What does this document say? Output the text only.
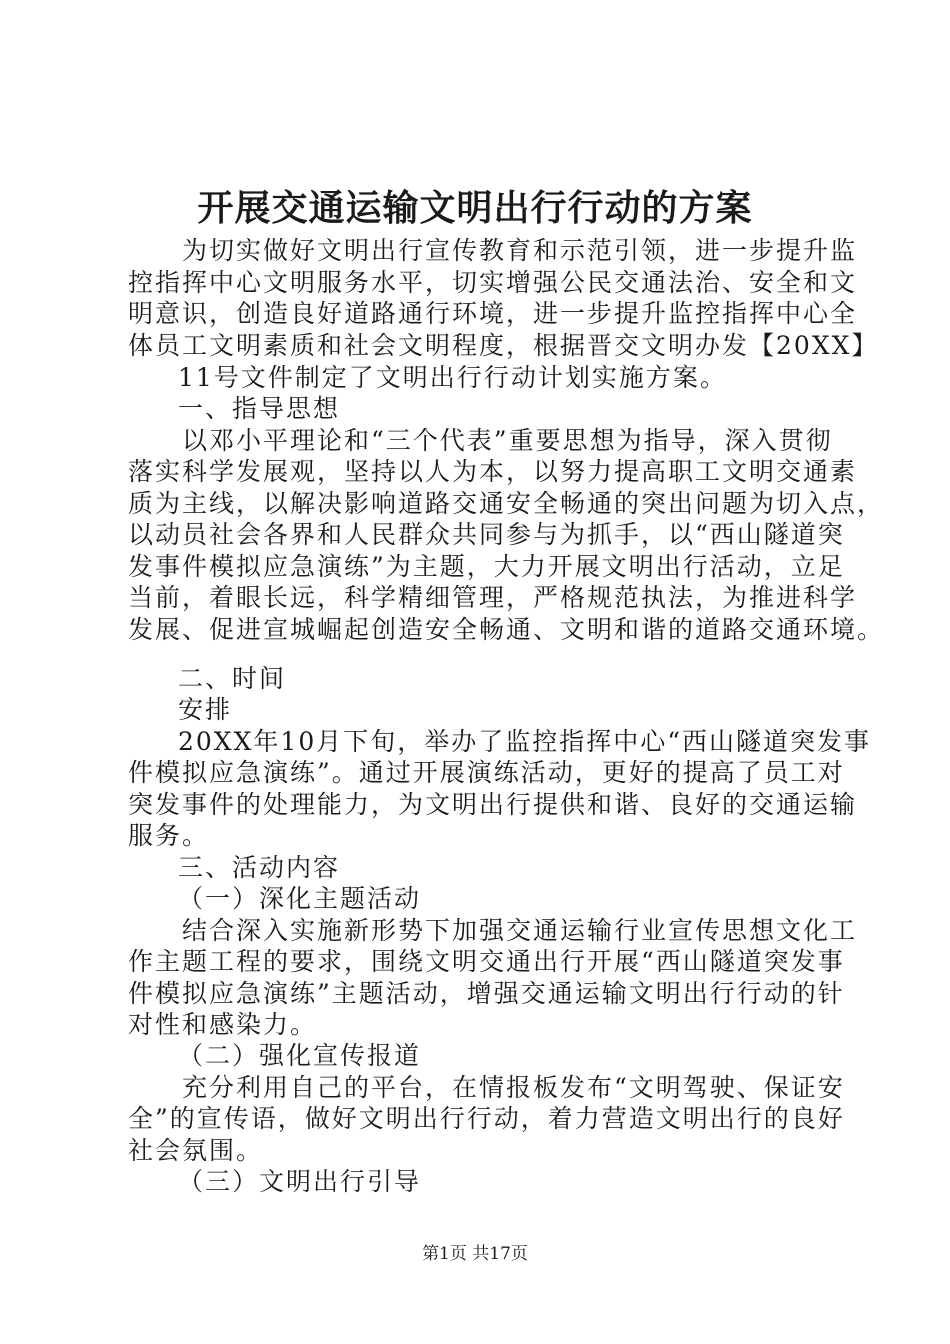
开展交通运输文明出行行动的方案
为切实做好文明出行宣传教育和示范引领，进一步提升监
控指挥中心文明服务水平，切实增强公民交通法治、安全和文
明意识，创造良好道路通行环境，进一步提升监控指挥中心全
体员工文明素质和社会文明程度，根据晋交文明办发【20XX】
11号文件制定了文明出行行动计划实施方案。
一、指导思想
以邓小平理论和“三个代表”重要思想为指导，深入贯彻
落实科学发展观，坚持以人为本，以努力提高职工文明交通素
质为主线，以解决影响道路交通安全畅通的突出问题为切入点，
以动员社会各界和人民群众共同参与为抓手，以“西山隧道突
发事件模拟应急演练”为主题，大力开展文明出行活动，立足
当前，着眼长远，科学精细管理，严格规范执法，为推进科学
发展、促进宣城崛起创造安全畅通、文明和谐的道路交通环境。
二、时间
安排
20XX年10月下旬，举办了监控指挥中心“西山隧道突发事
件模拟应急演练”。通过开展演练活动，更好的提高了员工对
突发事件的处理能力，为文明出行提供和谐、良好的交通运输
服务。
三、活动内容
（一）深化主题活动
结合深入实施新形势下加强交通运输行业宣传思想文化工
作主题工程的要求，围绕文明交通出行开展“西山隧道突发事
件模拟应急演练”主题活动，增强交通运输文明出行行动的针
对性和感染力。
（二）强化宣传报道
充分利用自己的平台，在情报板发布“文明驾驶、保证安
全”的宣传语，做好文明出行行动，着力营造文明出行的良好
社会氛围。
（三）文明出行引导
第1页 共17页
